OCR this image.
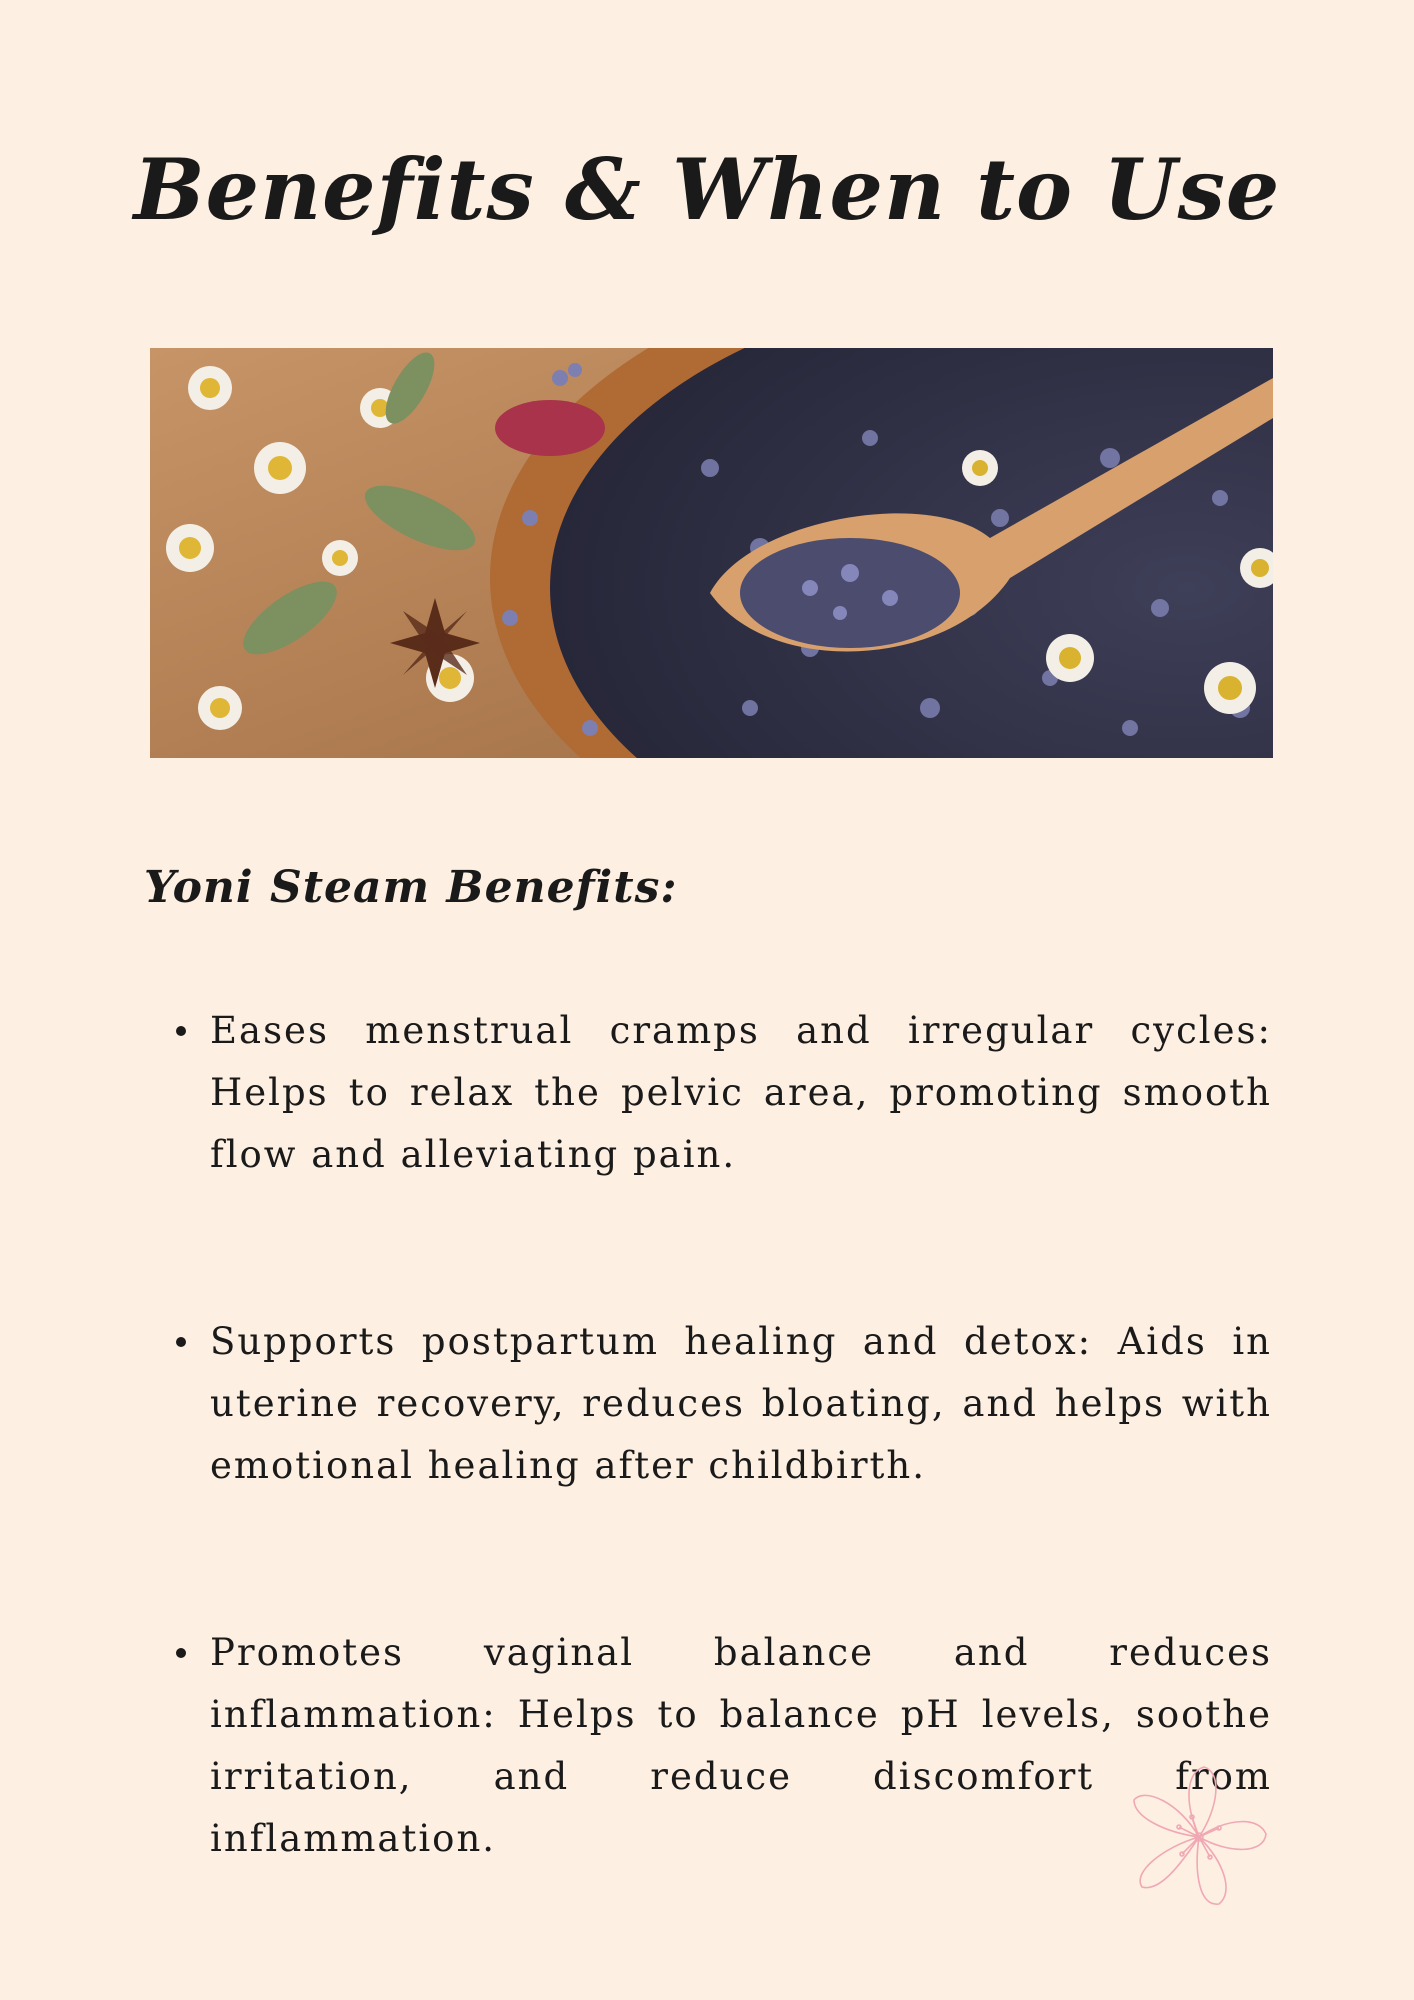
Benefits & When to Use
Yoni Steam Benefits:
Eases menstrual cramps and irregular cycles: Helps to relax the pelvic area, promoting smooth flow and alleviating pain.
Supports postpartum healing and detox: Aids in uterine recovery, reduces bloating, and helps with emotional healing after childbirth.
Promotes vaginal balance and reduces inflammation: Helps to balance pH levels, soothe irritation, and reduce discomfort from inflammation.
